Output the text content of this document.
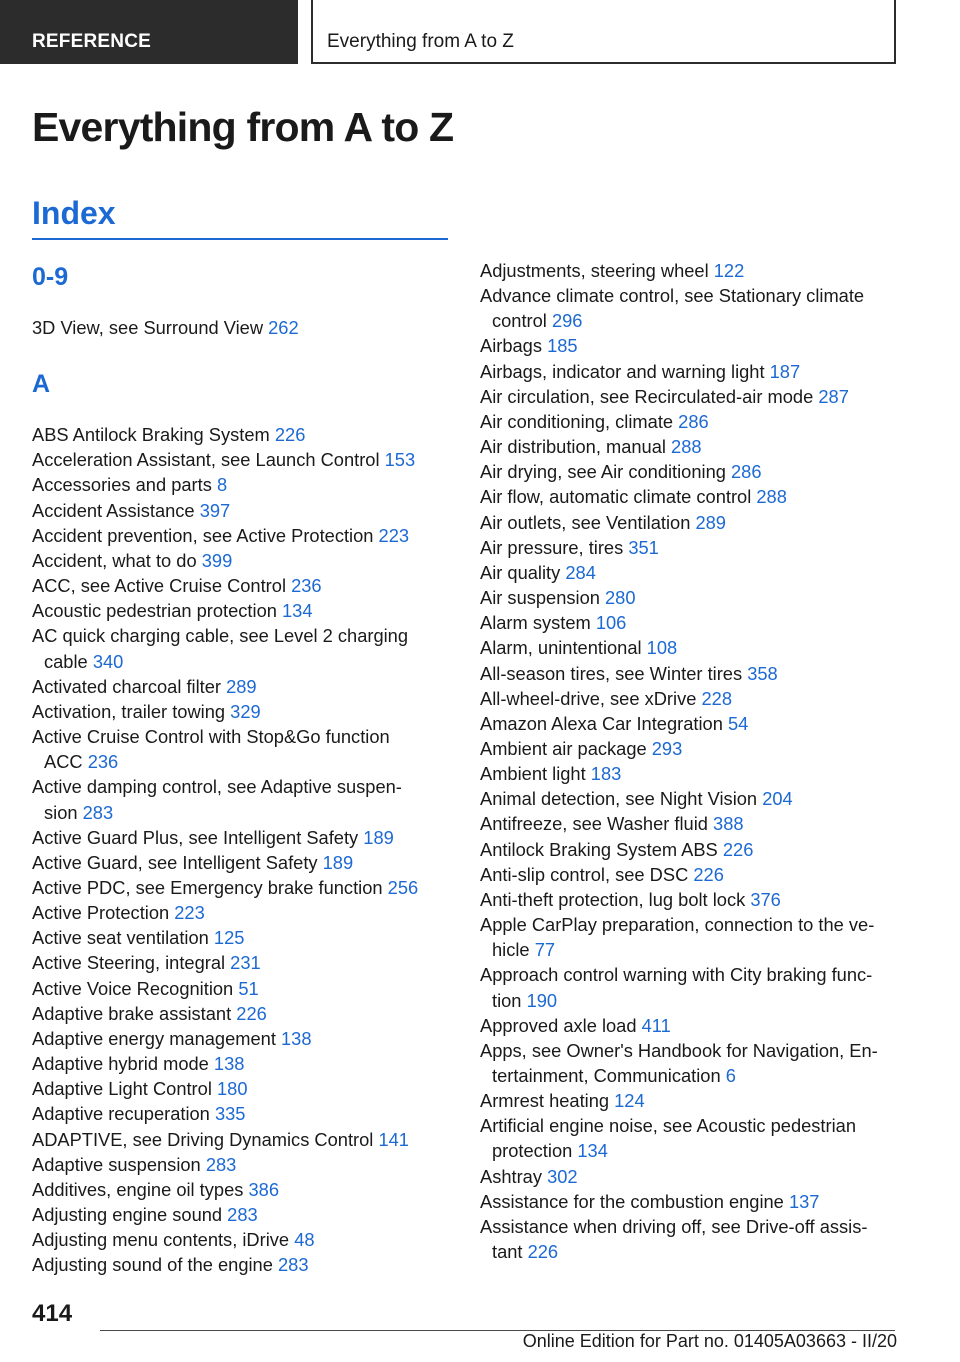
REFERENCE	Everything from A to Z
Everything from A to Z
Index
0-9
3D View, see Surround View 262
A
ABS Antilock Braking System 226
Acceleration Assistant, see Launch Control 153
Accessories and parts 8
Accident Assistance 397
Accident prevention, see Active Protection 223
Accident, what to do 399
ACC, see Active Cruise Control 236
Acoustic pedestrian protection 134
AC quick charging cable, see Level 2 charging
cable 340
Activated charcoal filter 289
Activation, trailer towing 329
Active Cruise Control with Stop&Go function
ACC 236
Active damping control, see Adaptive suspen-
sion 283
Active Guard Plus, see Intelligent Safety 189
Active Guard, see Intelligent Safety 189
Active PDC, see Emergency brake function 256
Active Protection 223
Active seat ventilation 125
Active Steering, integral 231
Active Voice Recognition 51
Adaptive brake assistant 226
Adaptive energy management 138
Adaptive hybrid mode 138
Adaptive Light Control 180
Adaptive recuperation 335
ADAPTIVE, see Driving Dynamics Control 141
Adaptive suspension 283
Additives, engine oil types 386
Adjusting engine sound 283
Adjusting menu contents, iDrive 48
Adjusting sound of the engine 283
Adjustments, steering wheel 122
Advance climate control, see Stationary climate
control 296
Airbags 185
Airbags, indicator and warning light 187
Air circulation, see Recirculated-air mode 287
Air conditioning, climate 286
Air distribution, manual 288
Air drying, see Air conditioning 286
Air flow, automatic climate control 288
Air outlets, see Ventilation 289
Air pressure, tires 351
Air quality 284
Air suspension 280
Alarm system 106
Alarm, unintentional 108
All-season tires, see Winter tires 358
All-wheel-drive, see xDrive 228
Amazon Alexa Car Integration 54
Ambient air package 293
Ambient light 183
Animal detection, see Night Vision 204
Antifreeze, see Washer fluid 388
Antilock Braking System ABS 226
Anti-slip control, see DSC 226
Anti-theft protection, lug bolt lock 376
Apple CarPlay preparation, connection to the ve-
hicle 77
Approach control warning with City braking func-
tion 190
Approved axle load 411
Apps, see Owner's Handbook for Navigation, En-
tertainment, Communication 6
Armrest heating 124
Artificial engine noise, see Acoustic pedestrian
protection 134
Ashtray 302
Assistance for the combustion engine 137
Assistance when driving off, see Drive-off assis-
tant 226
414
Online Edition for Part no. 01405A03663 - II/20
